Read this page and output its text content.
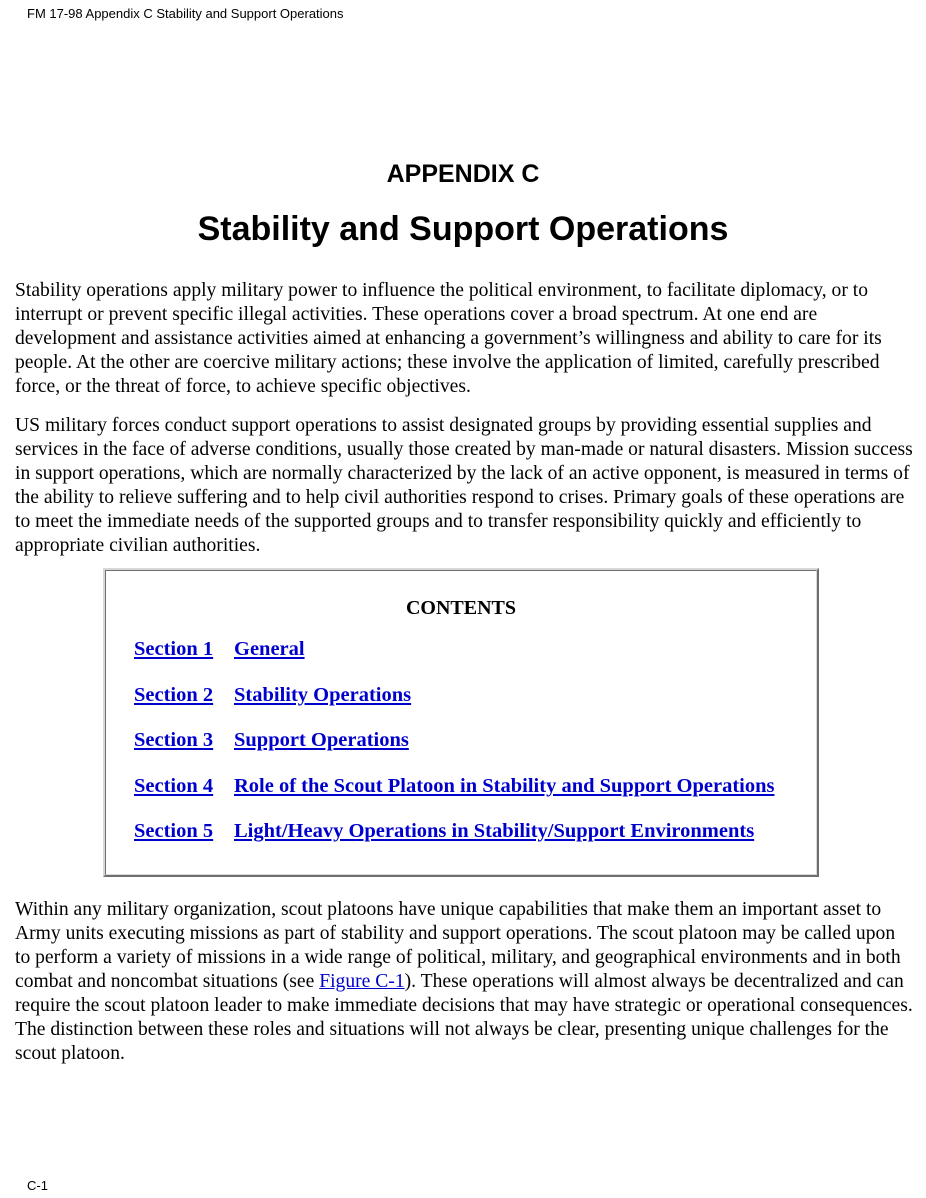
FM 17-98 Appendix C Stability and Support Operations
APPENDIX C
Stability and Support Operations

Stability operations apply military power to influence the political environment, to facilitate diplomacy, or to interrupt or prevent specific illegal activities. These operations cover a broad spectrum. At one end are development and assistance activities aimed at enhancing a government’s willingness and ability to care for its people. At the other are coercive military actions; these involve the application of limited, carefully prescribed force, or the threat of force, to achieve specific objectives.

US military forces conduct support operations to assist designated groups by providing essential supplies and services in the face of adverse conditions, usually those created by man-made or natural disasters. Mission success in support operations, which are normally characterized by the lack of an active opponent, is measured in terms of the ability to relieve suffering and to help civil authorities respond to crises. Primary goals of these operations are to meet the immediate needs of the supported groups and to transfer responsibility quickly and efficiently to appropriate civilian authorities.

CONTENTS
Section 1 General
Section 2 Stability Operations
Section 3 Support Operations
Section 4 Role of the Scout Platoon in Stability and Support Operations
Section 5 Light/Heavy Operations in Stability/Support Environments

Within any military organization, scout platoons have unique capabilities that make them an important asset to Army units executing missions as part of stability and support operations. The scout platoon may be called upon to perform a variety of missions in a wide range of political, military, and geographical environments and in both combat and noncombat situations (see Figure C-1). These operations will almost always be decentralized and can require the scout platoon leader to make immediate decisions that may have strategic or operational consequences. The distinction between these roles and situations will not always be clear, presenting unique challenges for the scout platoon.

C-1
